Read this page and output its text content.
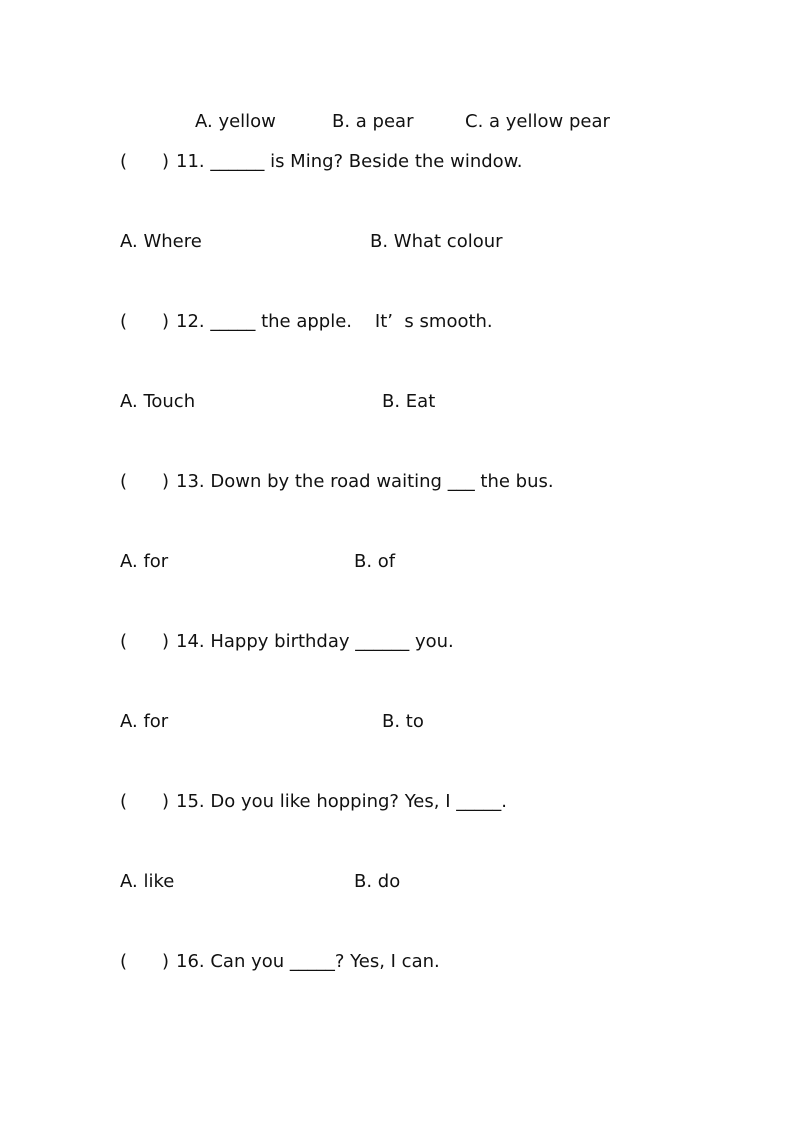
A. yellow	B. a pear	C. a yellow pear
( ) 11. ______ is Ming? Beside the window.
A. Where	B. What colour
( ) 12. _____ the apple.    It’  s smooth.
A. Touch	B. Eat
( ) 13. Down by the road waiting ___ the bus.
A. for	B. of
( ) 14. Happy birthday ______ you.
A. for	B. to
( ) 15. Do you like hopping? Yes, I _____.
A. like	B. do
( ) 16. Can you _____? Yes, I can.
